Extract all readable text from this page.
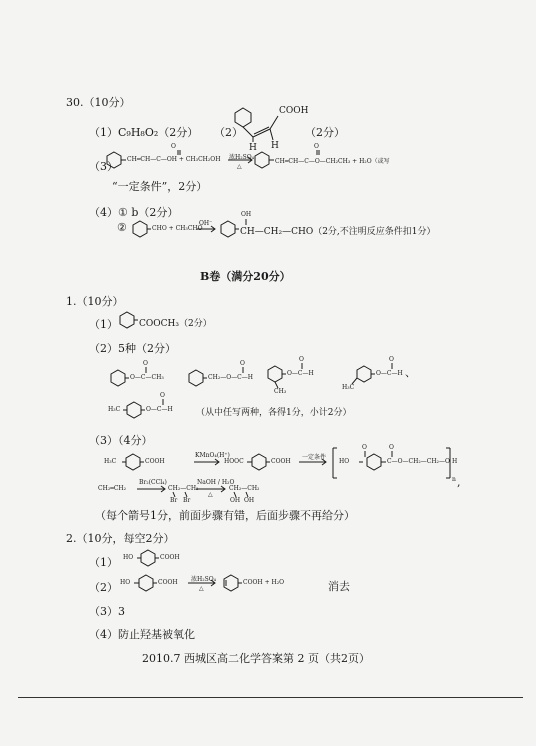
30.（10分）
（1） C₉H₈O₂（2分） （2）
COOH
H H
（2分）
（3）
O	O
CH═CH—C—OH + CH₃CH₂OH 浓H₂SO₄
△
CH═CH—C—O—CH₂CH₃ + H₂O（或写
“一定条件”，2分）
（4） ① b（2分）
②	CHO + CH₃CHO
OH⁻
OH
CH—CH₂—CHO（2分,不注明反应条件扣1分）
B卷（满分20分）
1.（10分）
（1） COOCH₃（2分）
（2） 5种（2分）
O
O—C—CH₃
O
CH₂—O—C—H
O
O—C—H
CH₃
O
O—C—H
H₃C
、
H₃C
O
O—C—H	（从中任写两种，各得1分，小计2分）
（3）（4分）
H₃C	COOH
KMnO₄(H⁺)
HOOC	COOH
一定条件
HO
O	O
C—O—CH₂—CH₂—O H
n ,
CH₂═CH₂
Br₂(CCl₄)
CH₂—CH₂
Br Br
NaOH / H₂O
△
CH₂—CH₂
OH OH
（每个箭号1分，前面步骤有错，后面步骤不再给分）
2.（10分，每空2分）
（1） HO	COOH
（2） HO	COOH 浓H₂SO₄
△
COOH + H₂O	消去
（3）3
（4）防止羟基被氧化
2010.7 西城区高二化学答案第 2 页（共2页）
